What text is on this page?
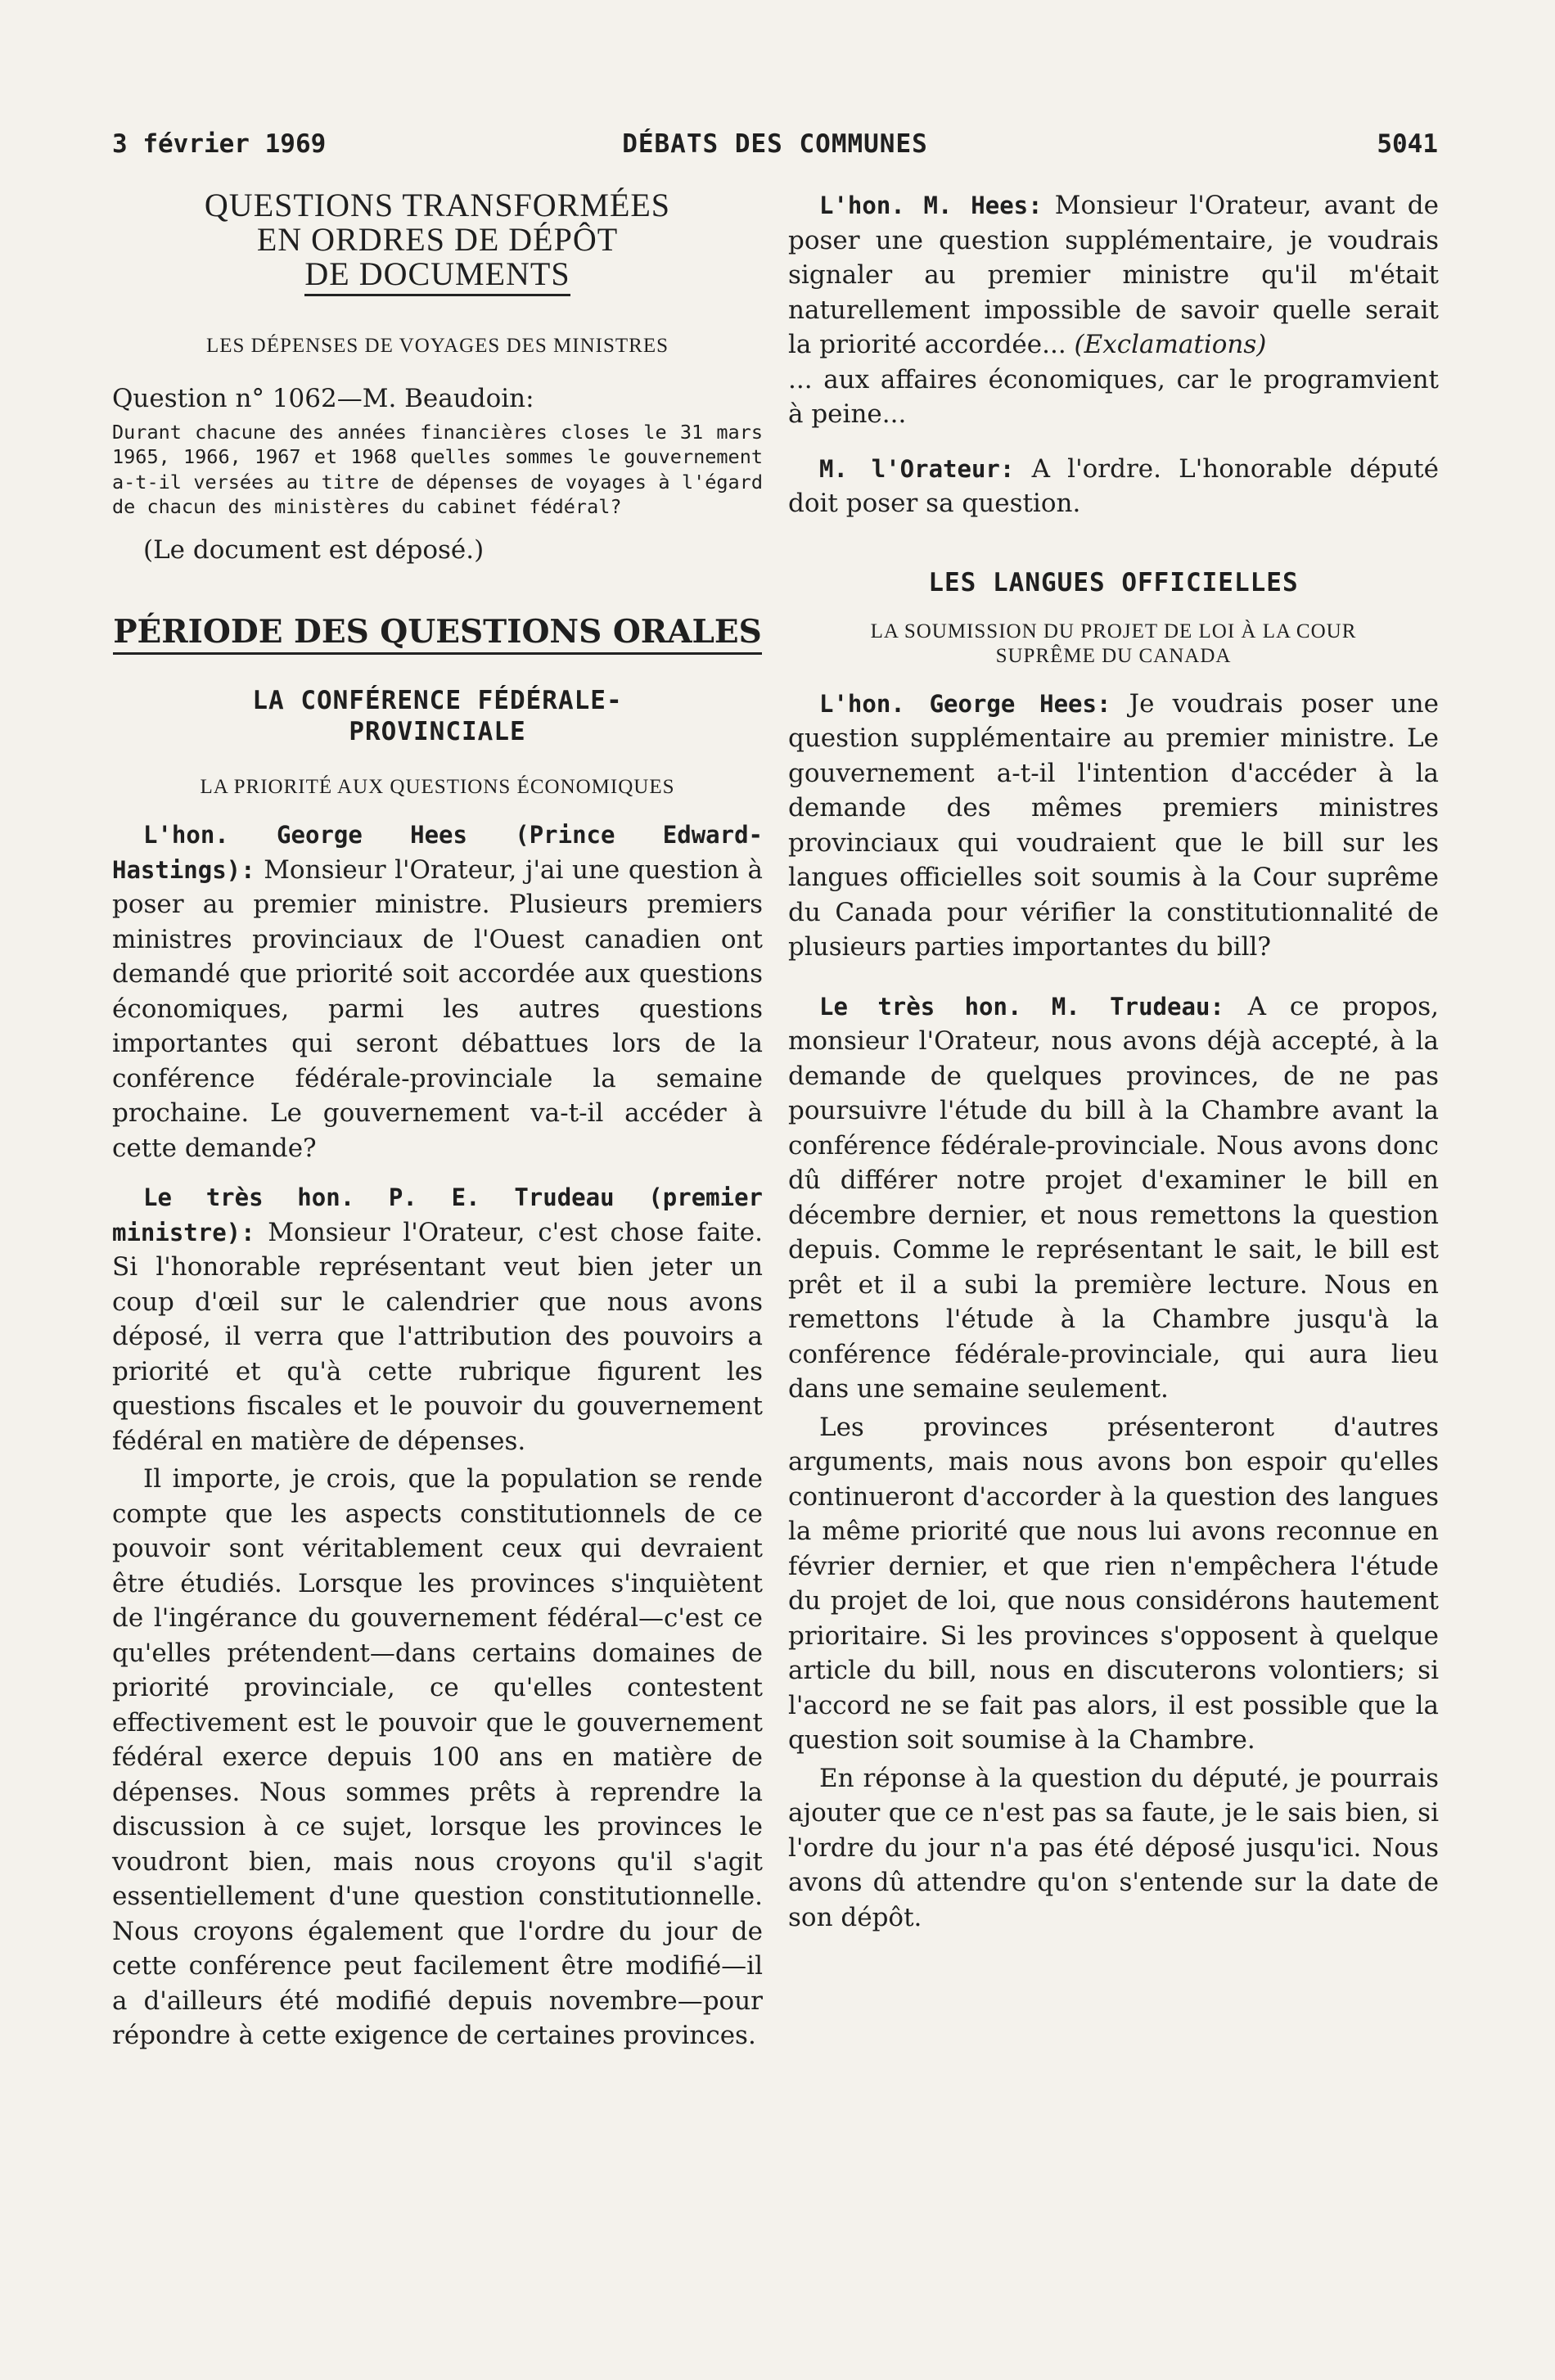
3 février 1969	DÉBATS DES COMMUNES	5041
QUESTIONS TRANSFORMÉES
EN ORDRES DE DÉPÔT
DE DOCUMENTS
LES DÉPENSES DE VOYAGES DES MINISTRES

Question n° 1062—M. Beaudoin:

Durant chacune des années financières closes le 31 mars 1965, 1966, 1967 et 1968 quelles sommes le gouvernement a-t-il versées au titre de dépenses de voyages à l'égard de chacun des ministères du cabinet fédéral?

(Le document est déposé.)

PÉRIODE DES QUESTIONS ORALES
LA CONFÉRENCE FÉDÉRALE-
PROVINCIALE
LA PRIORITÉ AUX QUESTIONS ÉCONOMIQUES

L'hon. George Hees (Prince Edward-Hastings): Monsieur l'Orateur, j'ai une question à poser au premier ministre. Plusieurs premiers ministres provinciaux de l'Ouest canadien ont demandé que priorité soit accordée aux questions économiques, parmi les autres questions importantes qui seront débattues lors de la conférence fédérale-provinciale la semaine prochaine. Le gouvernement va-t-il accéder à cette demande?

Le très hon. P. E. Trudeau (premier ministre): Monsieur l'Orateur, c'est chose faite. Si l'honorable représentant veut bien jeter un coup d'œil sur le calendrier que nous avons déposé, il verra que l'attribution des pouvoirs a priorité et qu'à cette rubrique figurent les questions fiscales et le pouvoir du gouvernement fédéral en matière de dépenses.

Il importe, je crois, que la population se rende compte que les aspects constitutionnels de ce pouvoir sont véritablement ceux qui devraient être étudiés. Lorsque les provinces s'inquiètent de l'ingérance du gouvernement fédéral—c'est ce qu'elles prétendent—dans certains domaines de priorité provinciale, ce qu'elles contestent effectivement est le pouvoir que le gouvernement fédéral exerce depuis 100 ans en matière de dépenses. Nous sommes prêts à reprendre la discussion à ce sujet, lorsque les provinces le voudront bien, mais nous croyons qu'il s'agit essentiellement d'une question constitutionnelle. Nous croyons également que l'ordre du jour de cette conférence peut facilement être modifié—il a d'ailleurs été modifié depuis novembre—pour répondre à cette exigence de certaines provinces.

L'hon. M. Hees: Monsieur l'Orateur, avant de poser une question supplémentaire, je voudrais signaler au premier ministre qu'il m'était naturellement impossible de savoir quelle serait la priorité accordée... (Exclamations)
... aux affaires économiques, car le programvient à peine...

M. l'Orateur: A l'ordre. L'honorable député doit poser sa question.

LES LANGUES OFFICIELLES
LA SOUMISSION DU PROJET DE LOI À LA COUR
SUPRÊME DU CANADA

L'hon. George Hees: Je voudrais poser une question supplémentaire au premier ministre. Le gouvernement a-t-il l'intention d'accéder à la demande des mêmes premiers ministres provinciaux qui voudraient que le bill sur les langues officielles soit soumis à la Cour suprême du Canada pour vérifier la constitutionnalité de plusieurs parties importantes du bill?

Le très hon. M. Trudeau: A ce propos, monsieur l'Orateur, nous avons déjà accepté, à la demande de quelques provinces, de ne pas poursuivre l'étude du bill à la Chambre avant la conférence fédérale-provinciale. Nous avons donc dû différer notre projet d'examiner le bill en décembre dernier, et nous remettons la question depuis. Comme le représentant le sait, le bill est prêt et il a subi la première lecture. Nous en remettons l'étude à la Chambre jusqu'à la conférence fédérale-provinciale, qui aura lieu dans une semaine seulement.

Les provinces présenteront d'autres arguments, mais nous avons bon espoir qu'elles continueront d'accorder à la question des langues la même priorité que nous lui avons reconnue en février dernier, et que rien n'empêchera l'étude du projet de loi, que nous considérons hautement prioritaire. Si les provinces s'opposent à quelque article du bill, nous en discuterons volontiers; si l'accord ne se fait pas alors, il est possible que la question soit soumise à la Chambre.

En réponse à la question du député, je pourrais ajouter que ce n'est pas sa faute, je le sais bien, si l'ordre du jour n'a pas été déposé jusqu'ici. Nous avons dû attendre qu'on s'entende sur la date de son dépôt.
